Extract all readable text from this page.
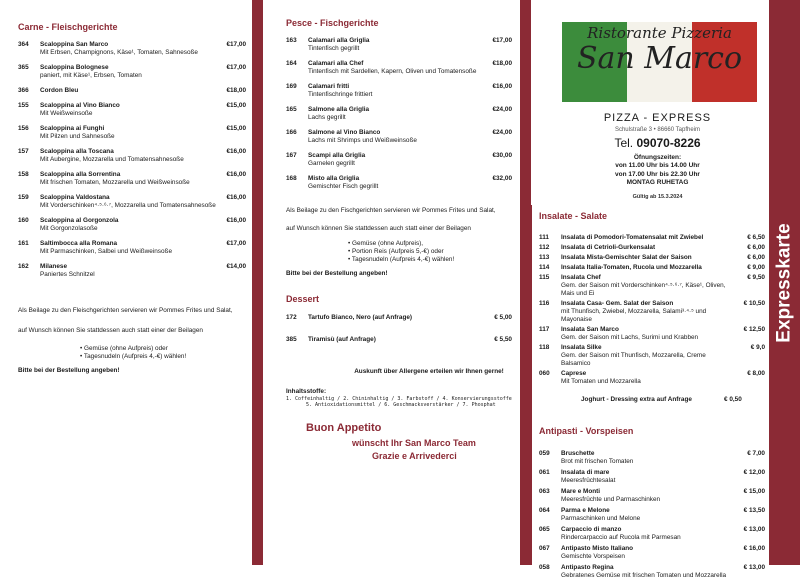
Expresskarte
Carne - Fleischgerichte
364	Scaloppina San Marco
Mit Erbsen, Champignons, Käse¹, Tomaten, Sahnesoße
€17,00
365	Scaloppina Bolognese
paniert, mit Käse¹, Erbsen, Tomaten
€17,00
366	Cordon Bleu	€18,00
155	Scaloppina al Vino Bianco
Mit Weißweinsoße
€15,00
156	Scaloppina ai Funghi
Mit Pilzen und Sahnesoße
€15,00
157	Scaloppina alla Toscana
Mit Aubergine, Mozzarella und Tomatensahnesoße
€16,00
158	Scaloppina alla Sorrentina
Mit frischen Tomaten, Mozzarella und Weißweinsoße
€16,00
159	Scaloppina Valdostana
Mit Vorderschinken⁴·⁵·⁶·⁷, Mozzarella und Tomatensahnesoße
€16,00
160	Scaloppina al Gorgonzola
Mit Gorgonzolasoße
€16,00
161	Saltimbocca alla Romana
Mit Parmaschinken, Salbei und Weißweinsoße
€17,00
162	Milanese
Paniertes Schnitzel
€14,00
Als Beilage zu den Fleischgerichten servieren wir Pommes Frites und Salat,
auf Wunsch können Sie stattdessen auch statt einer der Beilagen
• Gemüse (ohne Aufpreis) oder
• Tagesnudeln (Aufpreis 4,-€) wählen!
Bitte bei der Bestellung angeben!
Pesce - Fischgerichte
163	Calamari alla Griglia
Tintenfisch gegrillt
€17,00
164	Calamari alla Chef
Tintenfisch mit Sardellen, Kapern, Oliven und Tomatensoße
€18,00
169	Calamari fritti
Tintenfischringe frittiert
€16,00
165	Salmone alla Griglia
Lachs gegrillt
€24,00
166	Salmone al Vino Bianco
Lachs mit Shrimps und Weißweinsoße
€24,00
167	Scampi alla Griglia
Garnelen gegrillt
€30,00
168	Misto alla Griglia
Gemischter Fisch gegrillt
€32,00
Als Beilage zu den Fischgerichten servieren wir Pommes Frites und Salat,
auf Wunsch können Sie stattdessen auch statt einer der Beilagen
• Gemüse (ohne Aufpreis),
• Portion Reis (Aufpreis 5,-€) oder
• Tagesnudeln (Aufpreis 4,-€) wählen!
Bitte bei der Bestellung angeben!
Dessert
172	Tartufo Bianco, Nero (auf Anfrage)	€ 5,00
385	Tiramisù (auf Anfrage)	€ 5,50
Auskunft über Allergene erteilen wir Ihnen gerne!
Inhaltsstoffe:
1. Coffeinhaltig / 2. Chininhaltig / 3. Farbstoff / 4. Konservierungsstoffe
5. Antioxidationsmittel / 6. Geschmacksverstärker / 7. Phosphat
Buon Appetito
wünscht Ihr San Marco Team
Grazie e Arrivederci
Ristorante Pizzeria
San Marco
PIZZA - EXPRESS
Schulstraße 3 • 86660 Tapfheim
Tel. 09070-8226
Öfnungszeiten:
von 11.00 Uhr bis 14.00 Uhr
von 17.00 Uhr bis 22.30 Uhr
MONTAG RUHETAG
Gültig ab 15.3.2024
Insalate - Salate
111	Insalata di Pomodori-Tomatensalat mit Zwiebel	€ 6,50
112	Insalata di Cetrioli-Gurkensalat	€ 6,00
113	Insalata Mista-Gemischter Salat der Saison	€ 6,00
114	Insalata Italia-Tomaten, Rucola und Mozzarella	€ 9,00
115	Insalata Chef
Gem. der Saison mit Vorderschinken⁴·⁵·⁶·⁷, Käse¹, Oliven, Mais und Ei
€ 9,50
116	Insalata Casa- Gem. Salat der Saison
mit Thunfisch, Zwiebel, Mozzarella, Salami³·⁴·⁵ und Mayonaise
€ 10,50
117	Insalata San Marco
Gem. der Saison mit Lachs, Surimi und Krabben
€ 12,50
118	Insalata Silke
Gem. der Saison mit Thunfisch, Mozzarella, Creme Balsamico
€ 9,0
060	Caprese
Mit Tomaten und Mozzarella
€ 8,00
Joghurt - Dressing extra auf Anfrage	€ 0,50
Antipasti - Vorspeisen
059	Bruschette
Brot mit frischen Tomaten
€ 7,00
061	Insalata di mare
Meeresfrüchtesalat
€ 12,00
063	Mare e Monti
Meeresfrüchte und Parmaschinken
€ 15,00
064	Parma e Melone
Parmaschinken und Melone
€ 13,50
065	Carpaccio di manzo
Rindercarpaccio auf Rucola mit Parmesan
€ 13,00
067	Antipasto Misto Italiano
Gemischte Vorspeisen
€ 16,00
058	Antipasto Regina
Gebratenes Gemüse mit frischen Tomaten und Mozzarella
€ 13,00
